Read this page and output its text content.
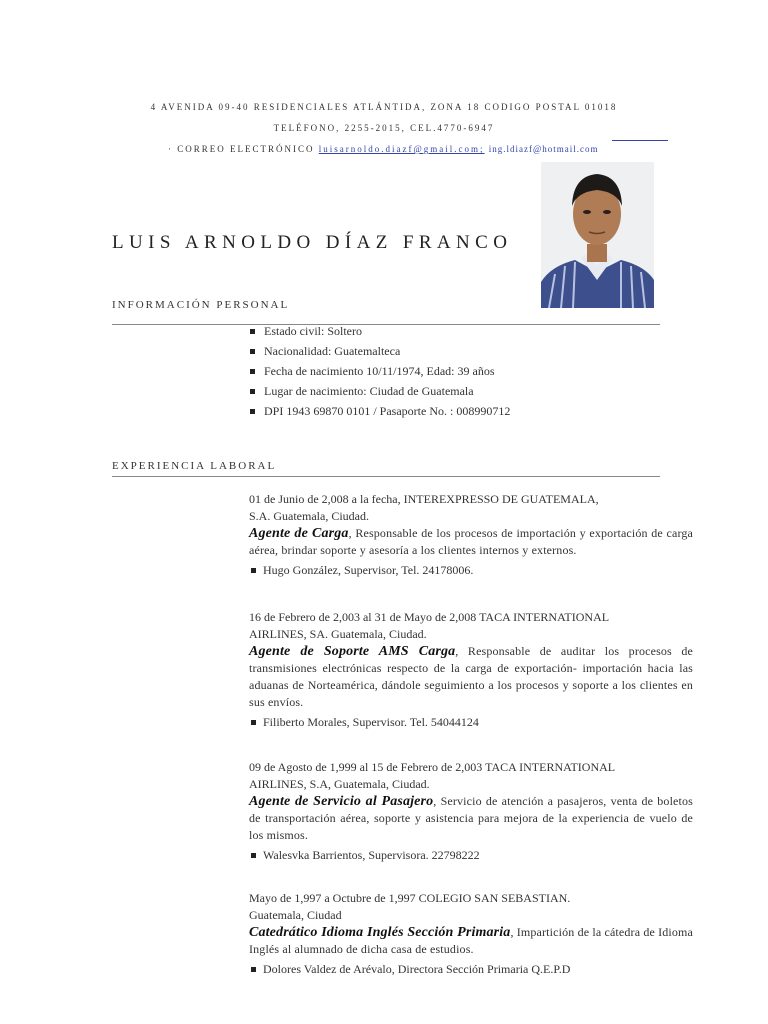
4 AVENIDA 09-40 RESIDENCIALES ATLÁNTIDA, ZONA 18 CODIGO POSTAL 01018
TELÉFONO, 2255-2015, CEL.4770-6947
· CORREO ELECTRÓNICO luisarnoldo.diazf@gmail.com; ing.ldiazf@hotmail.com
LUIS ARNOLDO DÍAZ FRANCO
INFORMACIÓN PERSONAL
Estado civil: Soltero
Nacionalidad: Guatemalteca
Fecha de nacimiento 10/11/1974, Edad: 39 años
Lugar de nacimiento: Ciudad de Guatemala
DPI 1943 69870 0101 / Pasaporte No. : 008990712
EXPERIENCIA LABORAL
01 de Junio de 2,008 a la fecha, INTEREXPRESSO DE GUATEMALA,
S.A. Guatemala, Ciudad.
Agente de Carga, Responsable de los procesos de importación y exportación de carga aérea, brindar soporte y asesoría a los clientes internos y externos.
Hugo González, Supervisor, Tel. 24178006.
16 de Febrero de 2,003 al 31 de Mayo de 2,008 TACA INTERNATIONAL
AIRLINES, SA. Guatemala, Ciudad.
Agente de Soporte AMS Carga, Responsable de auditar los procesos de transmisiones electrónicas respecto de la carga de exportación- importación hacia las aduanas de Norteamérica, dándole seguimiento a los procesos y soporte a los clientes en sus envíos.
Filiberto Morales, Supervisor. Tel. 54044124
09 de Agosto de 1,999 al 15 de Febrero de 2,003 TACA INTERNATIONAL
AIRLINES, S.A, Guatemala, Ciudad.
Agente de Servicio al Pasajero, Servicio de atención a pasajeros, venta de boletos de transportación aérea, soporte y asistencia para mejora de la experiencia de vuelo de los mismos.
Walesvka Barrientos, Supervisora. 22798222
Mayo de 1,997 a Octubre de 1,997 COLEGIO SAN SEBASTIAN.
Guatemala, Ciudad
Catedrático Idioma Inglés Sección Primaria, Impartición de la cátedra de Idioma Inglés al alumnado de dicha casa de estudios.
Dolores Valdez de Arévalo, Directora Sección Primaria Q.E.P.D
